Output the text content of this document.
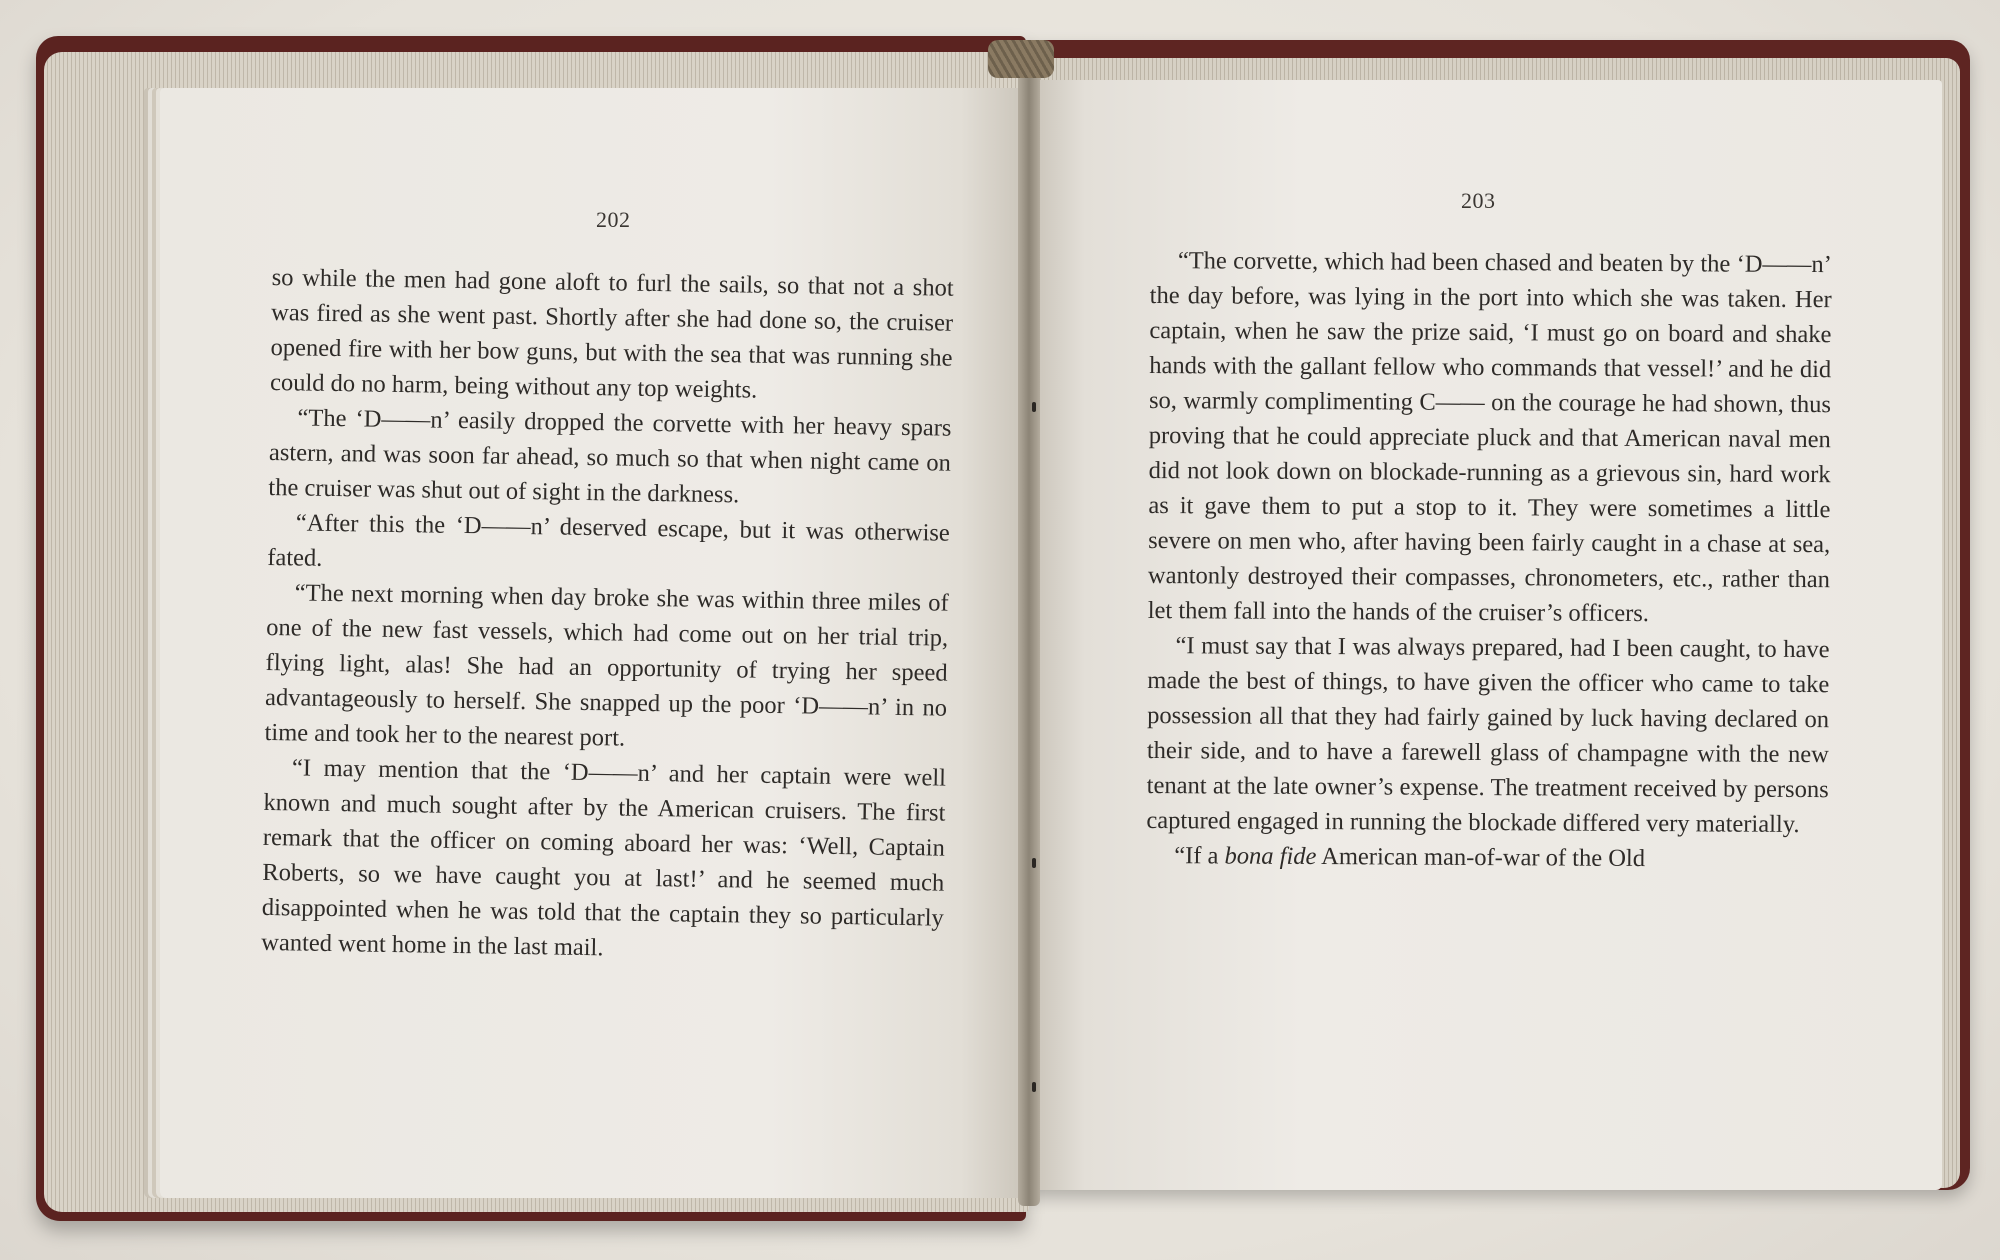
202
203

so while the men had gone aloft to furl the sails, so that not a shot was fired as she went past. Shortly after she had done so, the cruiser opened fire with her bow guns, but with the sea that was running she could do no harm, being without any top weights.

“The ‘D——n’ easily dropped the corvette with her heavy spars astern, and was soon far ahead, so much so that when night came on the cruiser was shut out of sight in the darkness.

“After this the ‘D——n’ deserved escape, but it was otherwise fated.

“The next morning when day broke she was within three miles of one of the new fast vessels, which had come out on her trial trip, flying light, alas! She had an opportunity of trying her speed advantageously to herself. She snapped up the poor ‘D——n’ in no time and took her to the nearest port.

“I may mention that the ‘D——n’ and her captain were well known and much sought after by the American cruisers. The first remark that the officer on coming aboard her was: ‘Well, Captain Roberts, so we have caught you at last!’ and he seemed much disappointed when he was told that the captain they so particularly wanted went home in the last mail.

“The corvette, which had been chased and beaten by the ‘D——n’ the day before, was lying in the port into which she was taken. Her captain, when he saw the prize said, ‘I must go on board and shake hands with the gallant fellow who commands that vessel!’ and he did so, warmly complimenting C—— on the courage he had shown, thus proving that he could appreciate pluck and that American naval men did not look down on blockade-running as a grievous sin, hard work as it gave them to put a stop to it. They were sometimes a little severe on men who, after having been fairly caught in a chase at sea, wantonly destroyed their compasses, chronometers, etc., rather than let them fall into the hands of the cruiser’s officers.

“I must say that I was always prepared, had I been caught, to have made the best of things, to have given the officer who came to take possession all that they had fairly gained by luck having declared on their side, and to have a farewell glass of champagne with the new tenant at the late owner’s expense. The treatment received by persons captured engaged in running the blockade differed very materially.

“If a bona fide American man-of-war of the Old
